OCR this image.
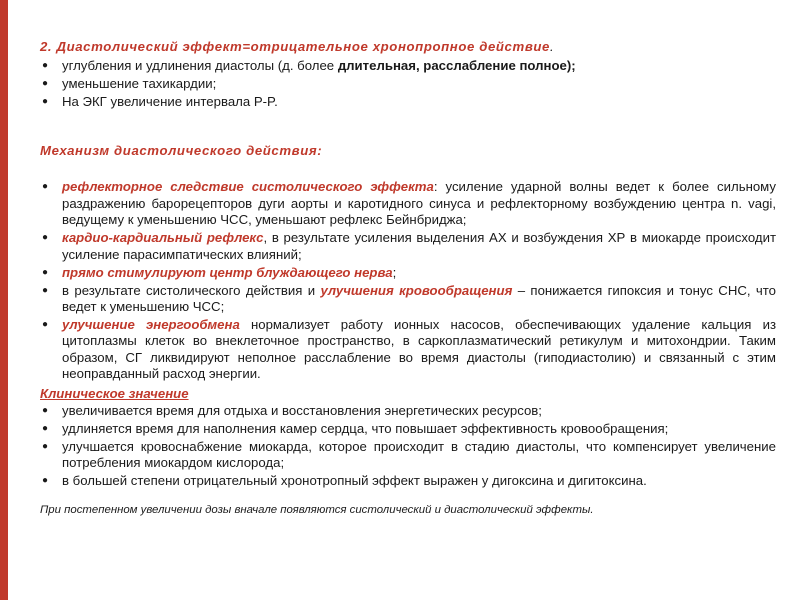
2. Диастолический эффект=отрицательное хронопропное действие.
● углубления и удлинения диастолы (д. более длительная, расслабление полное);
● уменьшение тахикардии;
● На ЭКГ увеличение интервала P-P.
Механизм диастолического действия:
● рефлекторное следствие систолического эффекта: усиление ударной волны ведет к более сильному раздражению барорецепторов дуги аорты и каротидного синуса и рефлекторному возбуждению центра n. vagi, ведущему к уменьшению ЧСС, уменьшают рефлекс Бейнбриджа;
● кардио-кардиальный рефлекс, в результате усиления выделения АХ и возбуждения ХР в миокарде происходит усиление парасимпатических влияний;
● прямо стимулируют центр блуждающего нерва;
● в результате систолического действия и улучшения кровообращения – понижается гипоксия и тонус СНС, что ведет к уменьшению ЧСС;
● улучшение энергообмена нормализует работу ионных насосов, обеспечивающих удаление кальция из цитоплазмы клеток во внеклеточное пространство, в саркоплазматический ретикулум и митохондрии. Таким образом, СГ ликвидируют неполное расслабление во время диастолы (гиподиастолию) и связанный с этим неоправданный расход энергии.
Клиническое значение
● увеличивается время для отдыха и восстановления энергетических ресурсов;
● удлиняется время для наполнения камер сердца, что повышает эффективность кровообращения;
● улучшается кровоснабжение миокарда, которое происходит в стадию диастолы, что компенсирует увеличение потребления миокардом кислорода;
● в большей степени отрицательный хронотропный эффект выражен у дигоксина и дигитоксина.
При постепенном увеличении дозы вначале появляются систолический и диастолический эффекты.
